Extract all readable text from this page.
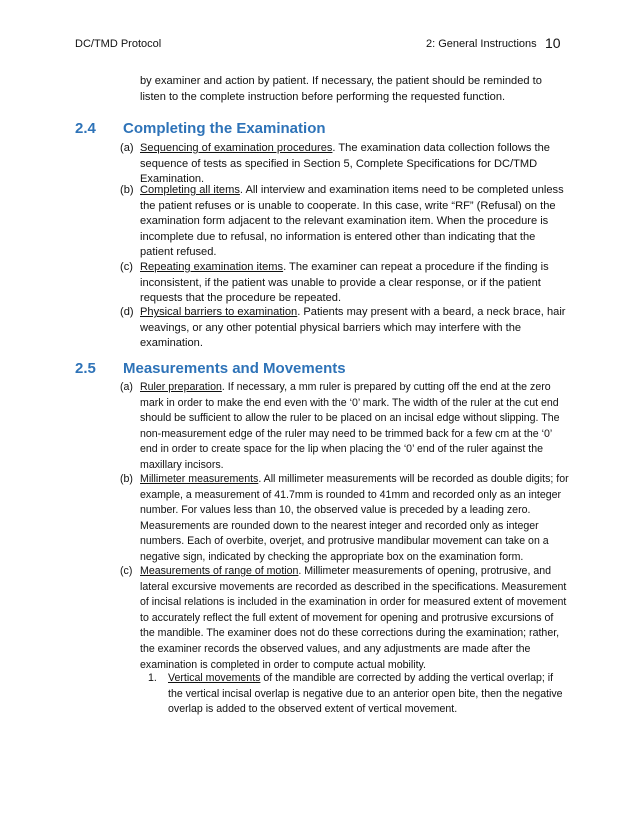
DC/TMD Protocol	2: General Instructions 10
by examiner and action by patient. If necessary, the patient should be reminded to listen to the complete instruction before performing the requested function.
2.4 Completing the Examination
(a) Sequencing of examination procedures. The examination data collection follows the sequence of tests as specified in Section 5, Complete Specifications for DC/TMD Examination.
(b) Completing all items. All interview and examination items need to be completed unless the patient refuses or is unable to cooperate. In this case, write “RF” (Refusal) on the examination form adjacent to the relevant examination item. When the procedure is incomplete due to refusal, no information is entered other than indicating that the patient refused.
(c) Repeating examination items. The examiner can repeat a procedure if the finding is inconsistent, if the patient was unable to provide a clear response, or if the patient requests that the procedure be repeated.
(d) Physical barriers to examination. Patients may present with a beard, a neck brace, hair weavings, or any other potential physical barriers which may interfere with the examination.
2.5 Measurements and Movements
(a) Ruler preparation. If necessary, a mm ruler is prepared by cutting off the end at the zero mark in order to make the end even with the ‘0’ mark. The width of the ruler at the cut end should be sufficient to allow the ruler to be placed on an incisal edge without slipping. The non-measurement edge of the ruler may need to be trimmed back for a few cm at the ‘0’ end in order to create space for the lip when placing the ‘0’ end of the ruler against the maxillary incisors.
(b) Millimeter measurements. All millimeter measurements will be recorded as double digits; for example, a measurement of 41.7mm is rounded to 41mm and recorded only as an integer number. For values less than 10, the observed value is preceded by a leading zero. Measurements are rounded down to the nearest integer and recorded only as integer numbers. Each of overbite, overjet, and protrusive mandibular movement can take on a negative sign, indicated by checking the appropriate box on the examination form.
(c) Measurements of range of motion. Millimeter measurements of opening, protrusive, and lateral excursive movements are recorded as described in the specifications. Measurement of incisal relations is included in the examination in order for measured extent of movement to accurately reflect the full extent of movement for opening and protrusive excursions of the mandible. The examiner does not do these corrections during the examination; rather, the examiner records the observed values, and any adjustments are made after the examination is completed in order to compute actual mobility.
1. Vertical movements of the mandible are corrected by adding the vertical overlap; if the vertical incisal overlap is negative due to an anterior open bite, then the negative overlap is added to the observed extent of vertical movement.
